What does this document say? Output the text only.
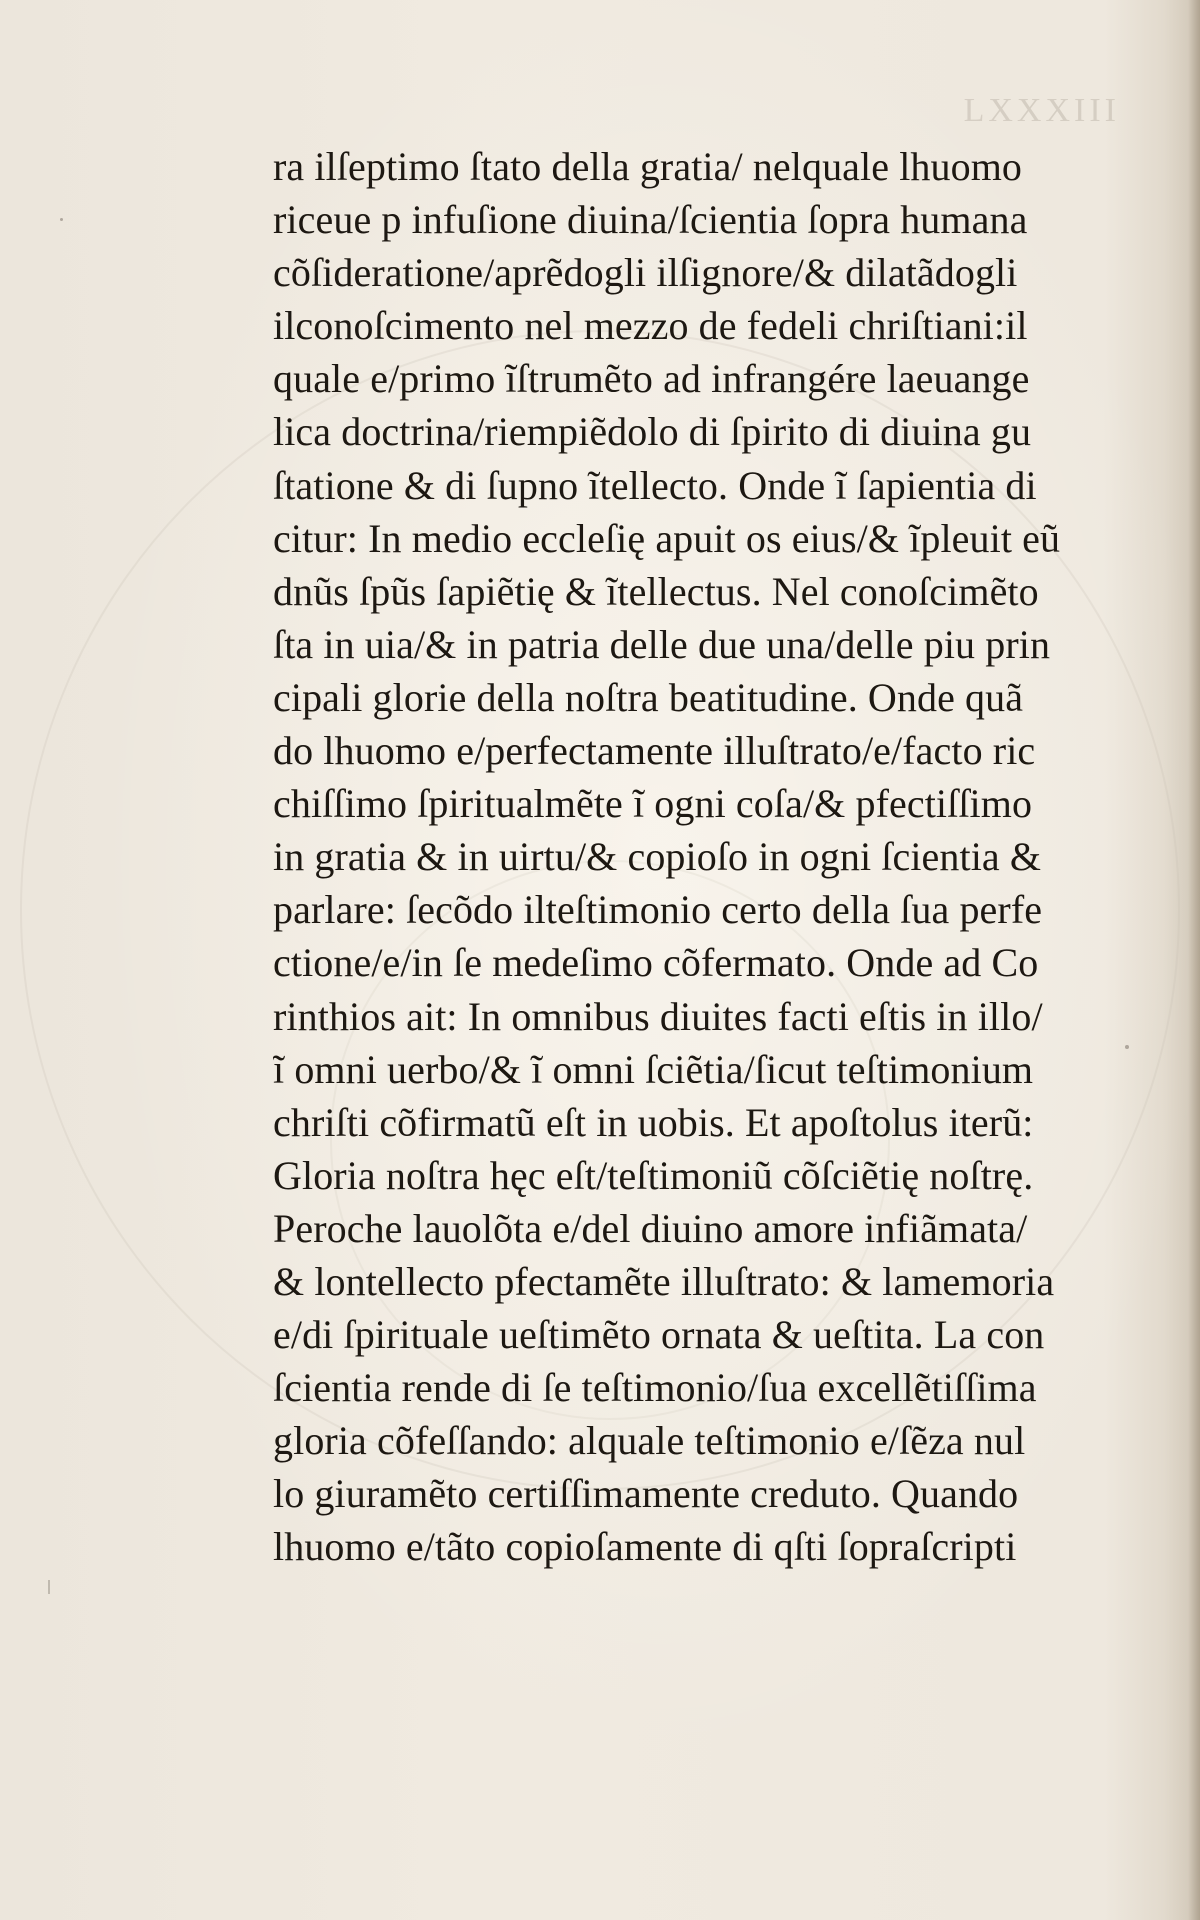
LXXXIII
ra ilſeptimo ſtato della gratia/ nelquale lhuomo
riceue p infuſione diuina/ſcientia ſopra humana
cõſideratione/aprẽdogli ilſignore/& dilatãdogli
ilconoſcimento nel mezzo de fedeli chriſtiani:il
quale e/primo ĩſtrumẽto ad infrangére laeuange
lica doctrina/riempiẽdolo di ſpirito di diuina gu
ſtatione & di ſupno ĩtellecto. Onde ĩ ſapientia di
citur: In medio eccleſię apuit os eius/& ĩpleuit eũ
dnũs ſpũs ſapiẽtię & ĩtellectus. Nel conoſcimẽto
ſta in uia/& in patria delle due una/delle piu prin
cipali glorie della noſtra beatitudine. Onde quã
do lhuomo e/perfectamente illuſtrato/e/facto ric
chiſſimo ſpiritualmẽte ĩ ogni coſa/& pfectiſſimo
in gratia & in uirtu/& copioſo in ogni ſcientia &
parlare: ſecõdo ilteſtimonio certo della ſua perfe
ctione/e/in ſe medeſimo cõfermato. Onde ad Co
rinthios ait: In omnibus diuites facti eſtis in illo/
ĩ omni uerbo/& ĩ omni ſciẽtia/ſicut teſtimonium
chriſti cõfirmatũ eſt in uobis. Et apoſtolus iterũ:
Gloria noſtra hęc eſt/teſtimoniũ cõſciẽtię noſtrę.
Peroche lauolõta e/del diuino amore infiãmata/
& lontellecto pfectamẽte illuſtrato: & lamemoria
e/di ſpirituale ueſtimẽto ornata & ueſtita. La con
ſcientia rende di ſe teſtimonio/ſua excellẽtiſſima
gloria cõfeſſando: alquale teſtimonio e/ſẽza nul
lo giuramẽto certiſſimamente creduto. Quando
lhuomo e/tãto copioſamente di qſti ſopraſcripti
